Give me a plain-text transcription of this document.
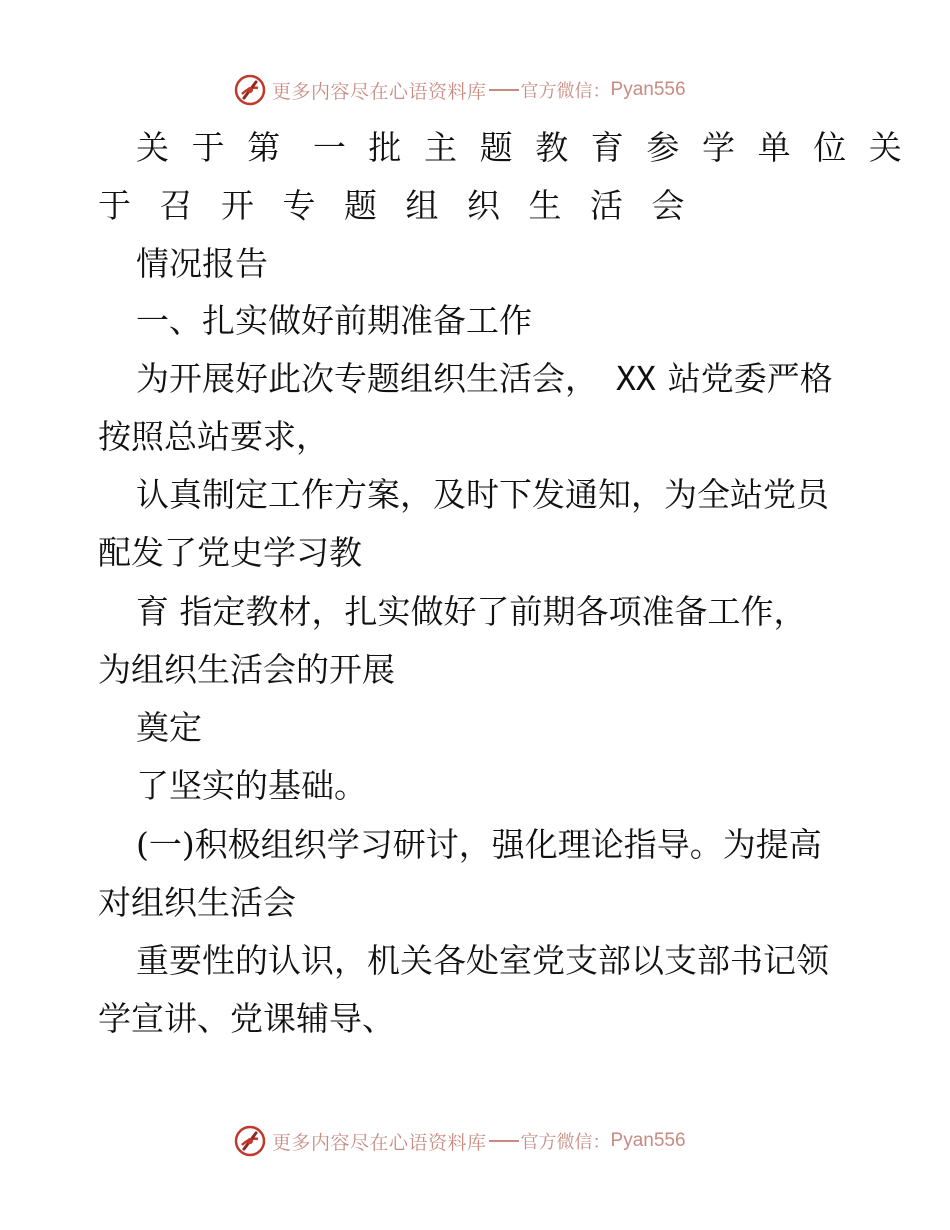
更多内容尽在心语资料库 官方微信： Pyan556
关于第 一批主题教育参学单位关
于召开专题组织生活会
情况报告
一、扎实做好前期准备工作
为开展好此次专题组织生活会， XX 站党委严格
按照总站要求，
认真制定工作方案，及时下发通知，为全站党员
配发了党史学习教
育 指定教材，扎实做好了前期各项准备工作，
为组织生活会的开展
奠定
了坚实的基础。
(一)积极组织学习研讨，强化理论指导。为提高
对组织生活会
重要性的认识，机关各处室党支部以支部书记领
学宣讲、党课辅导、
更多内容尽在心语资料库 官方微信： Pyan556
